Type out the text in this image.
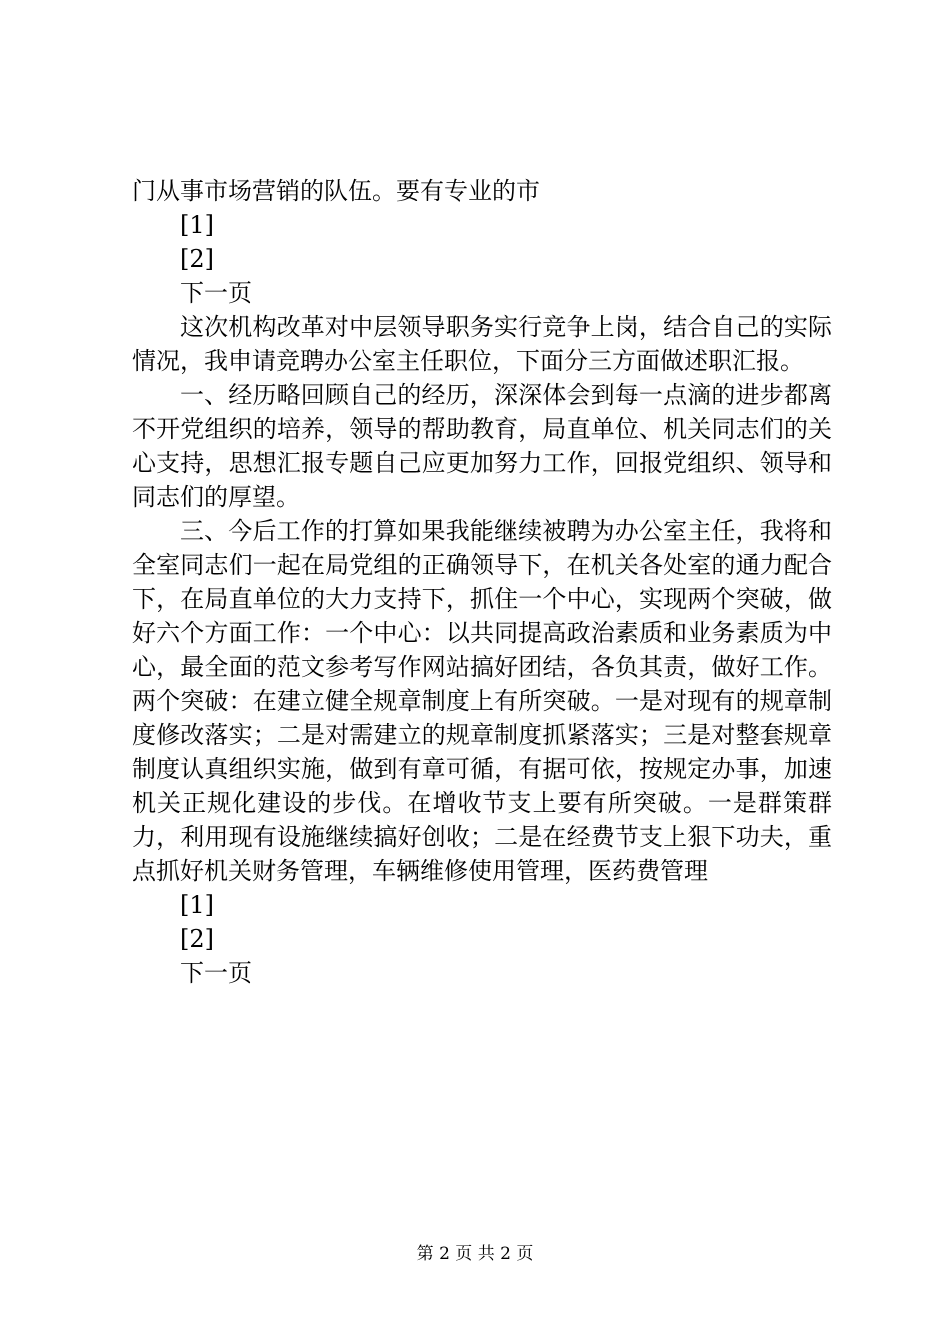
门从事市场营销的队伍。要有专业的市

[1]

[2]

下一页

这次机构改革对中层领导职务实行竞争上岗，结合自己的实际情况，我申请竞聘办公室主任职位，下面分三方面做述职汇报。

一、经历略回顾自己的经历，深深体会到每一点滴的进步都离不开党组织的培养，领导的帮助教育，局直单位、机关同志们的关心支持，思想汇报专题自己应更加努力工作，回报党组织、领导和同志们的厚望。

三、今后工作的打算如果我能继续被聘为办公室主任，我将和全室同志们一起在局党组的正确领导下，在机关各处室的通力配合下，在局直单位的大力支持下，抓住一个中心，实现两个突破，做好六个方面工作：一个中心：以共同提高政治素质和业务素质为中心，最全面的范文参考写作网站搞好团结，各负其责，做好工作。两个突破：在建立健全规章制度上有所突破。一是对现有的规章制度修改落实；二是对需建立的规章制度抓紧落实；三是对整套规章制度认真组织实施，做到有章可循，有据可依，按规定办事，加速机关正规化建设的步伐。在增收节支上要有所突破。一是群策群力，利用现有设施继续搞好创收；二是在经费节支上狠下功夫，重点抓好机关财务管理，车辆维修使用管理，医药费管理

[1]

[2]

下一页

第 2 页 共 2 页
